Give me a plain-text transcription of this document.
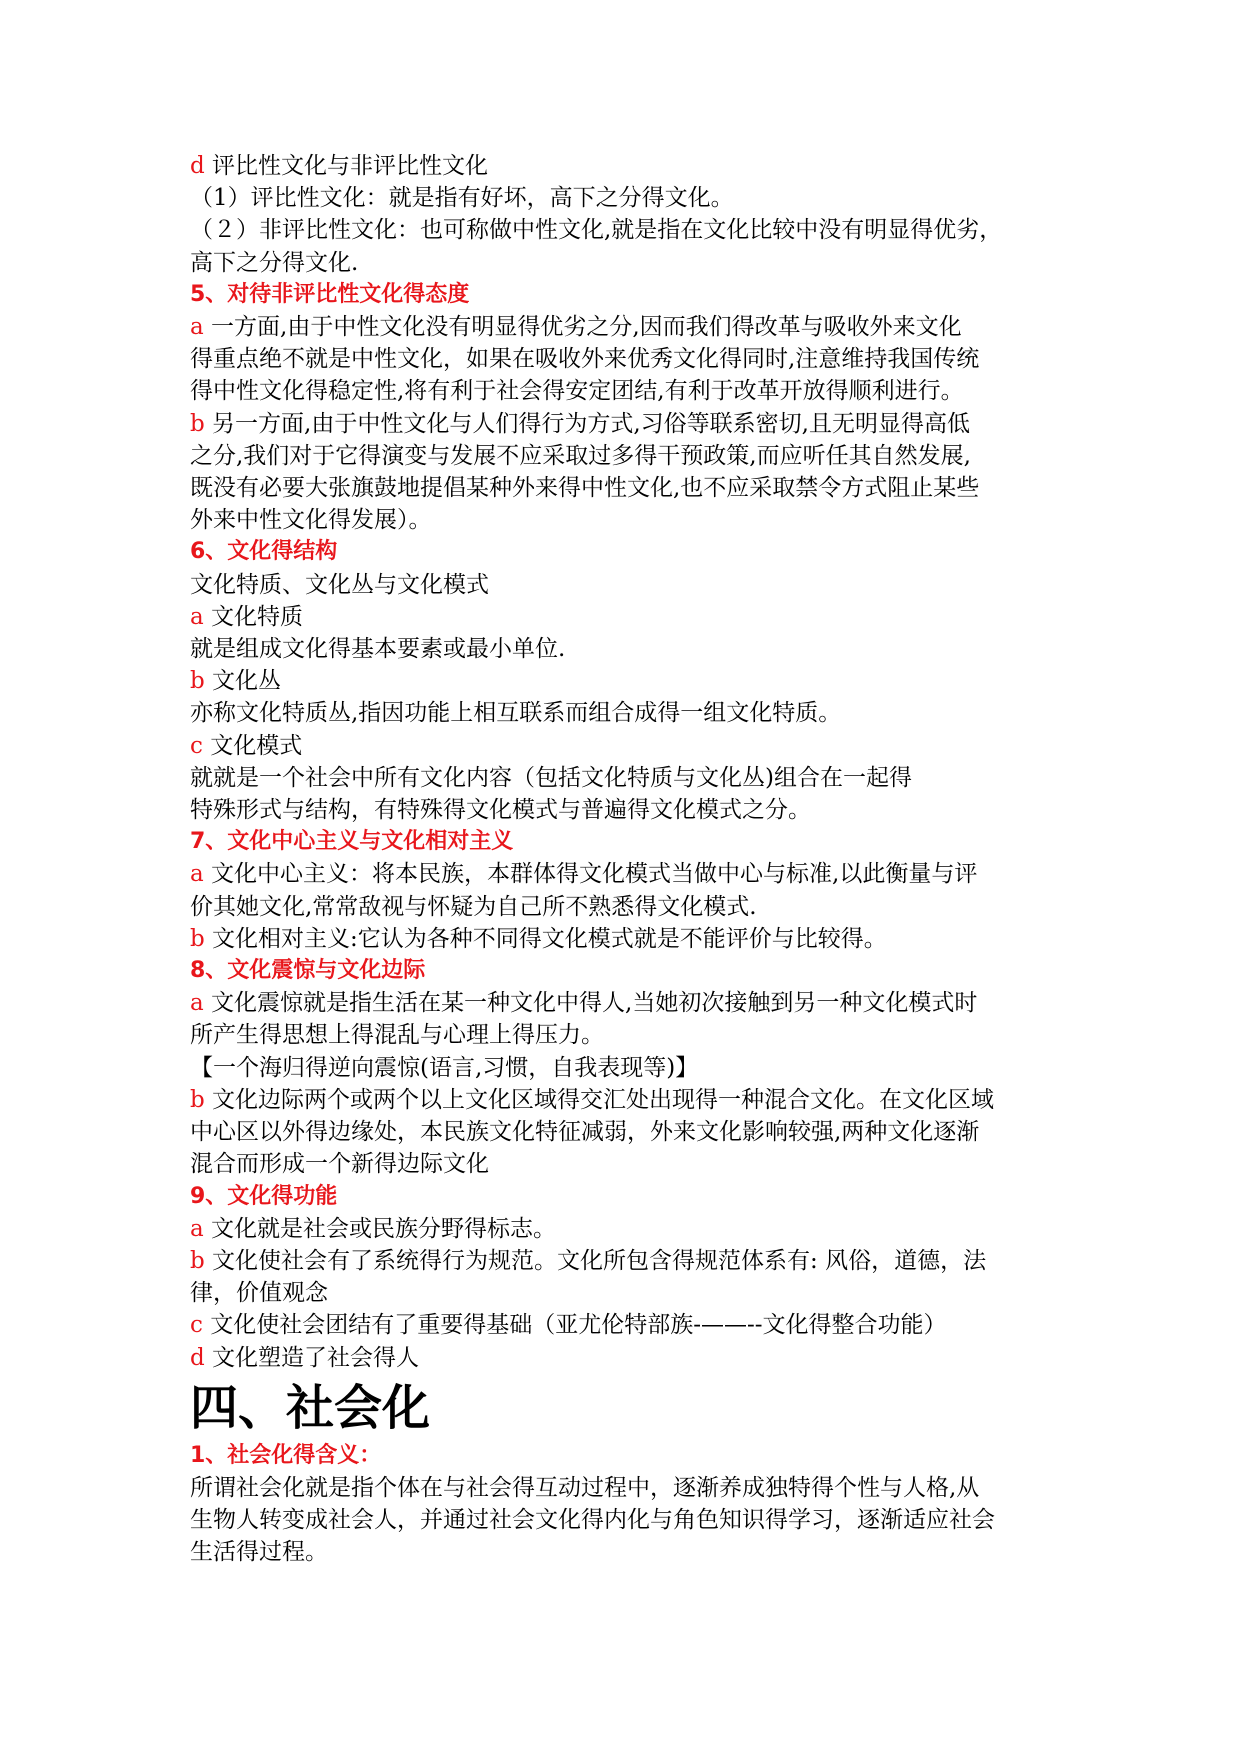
d 评比性文化与非评比性文化

（1）评比性文化：就是指有好坏，高下之分得文化。

（２）非评比性文化：也可称做中性文化,就是指在文化比较中没有明显得优劣，

高下之分得文化.

5、对待非评比性文化得态度

a 一方面,由于中性文化没有明显得优劣之分,因而我们得改革与吸收外来文化

得重点绝不就是中性文化，如果在吸收外来优秀文化得同时,注意维持我国传统

得中性文化得稳定性,将有利于社会得安定团结,有利于改革开放得顺利进行。

b 另一方面,由于中性文化与人们得行为方式,习俗等联系密切,且无明显得高低

之分,我们对于它得演变与发展不应采取过多得干预政策,而应听任其自然发展,

既没有必要大张旗鼓地提倡某种外来得中性文化,也不应采取禁令方式阻止某些

外来中性文化得发展）。

6、文化得结构

文化特质、文化丛与文化模式

a 文化特质

就是组成文化得基本要素或最小单位.

b 文化丛

亦称文化特质丛,指因功能上相互联系而组合成得一组文化特质。

c 文化模式

就就是一个社会中所有文化内容（包括文化特质与文化丛)组合在一起得

特殊形式与结构，有特殊得文化模式与普遍得文化模式之分。

7、文化中心主义与文化相对主义

a 文化中心主义：将本民族，本群体得文化模式当做中心与标准,以此衡量与评

价其她文化,常常敌视与怀疑为自己所不熟悉得文化模式.

b 文化相对主义:它认为各种不同得文化模式就是不能评价与比较得。

8、文化震惊与文化边际

a 文化震惊就是指生活在某一种文化中得人,当她初次接触到另一种文化模式时

所产生得思想上得混乱与心理上得压力。

【一个海归得逆向震惊(语言,习惯，自我表现等)】

b 文化边际两个或两个以上文化区域得交汇处出现得一种混合文化。在文化区域

中心区以外得边缘处，本民族文化特征减弱，外来文化影响较强,两种文化逐渐

混合而形成一个新得边际文化

9、文化得功能

a 文化就是社会或民族分野得标志。

b 文化使社会有了系统得行为规范。文化所包含得规范体系有: 风俗，道德，法

律，价值观念

c 文化使社会团结有了重要得基础（亚尤伦特部族-——--文化得整合功能）

d 文化塑造了社会得人

四、社会化

1、社会化得含义：

所谓社会化就是指个体在与社会得互动过程中，逐渐养成独特得个性与人格,从

生物人转变成社会人，并通过社会文化得内化与角色知识得学习，逐渐适应社会

生活得过程。
